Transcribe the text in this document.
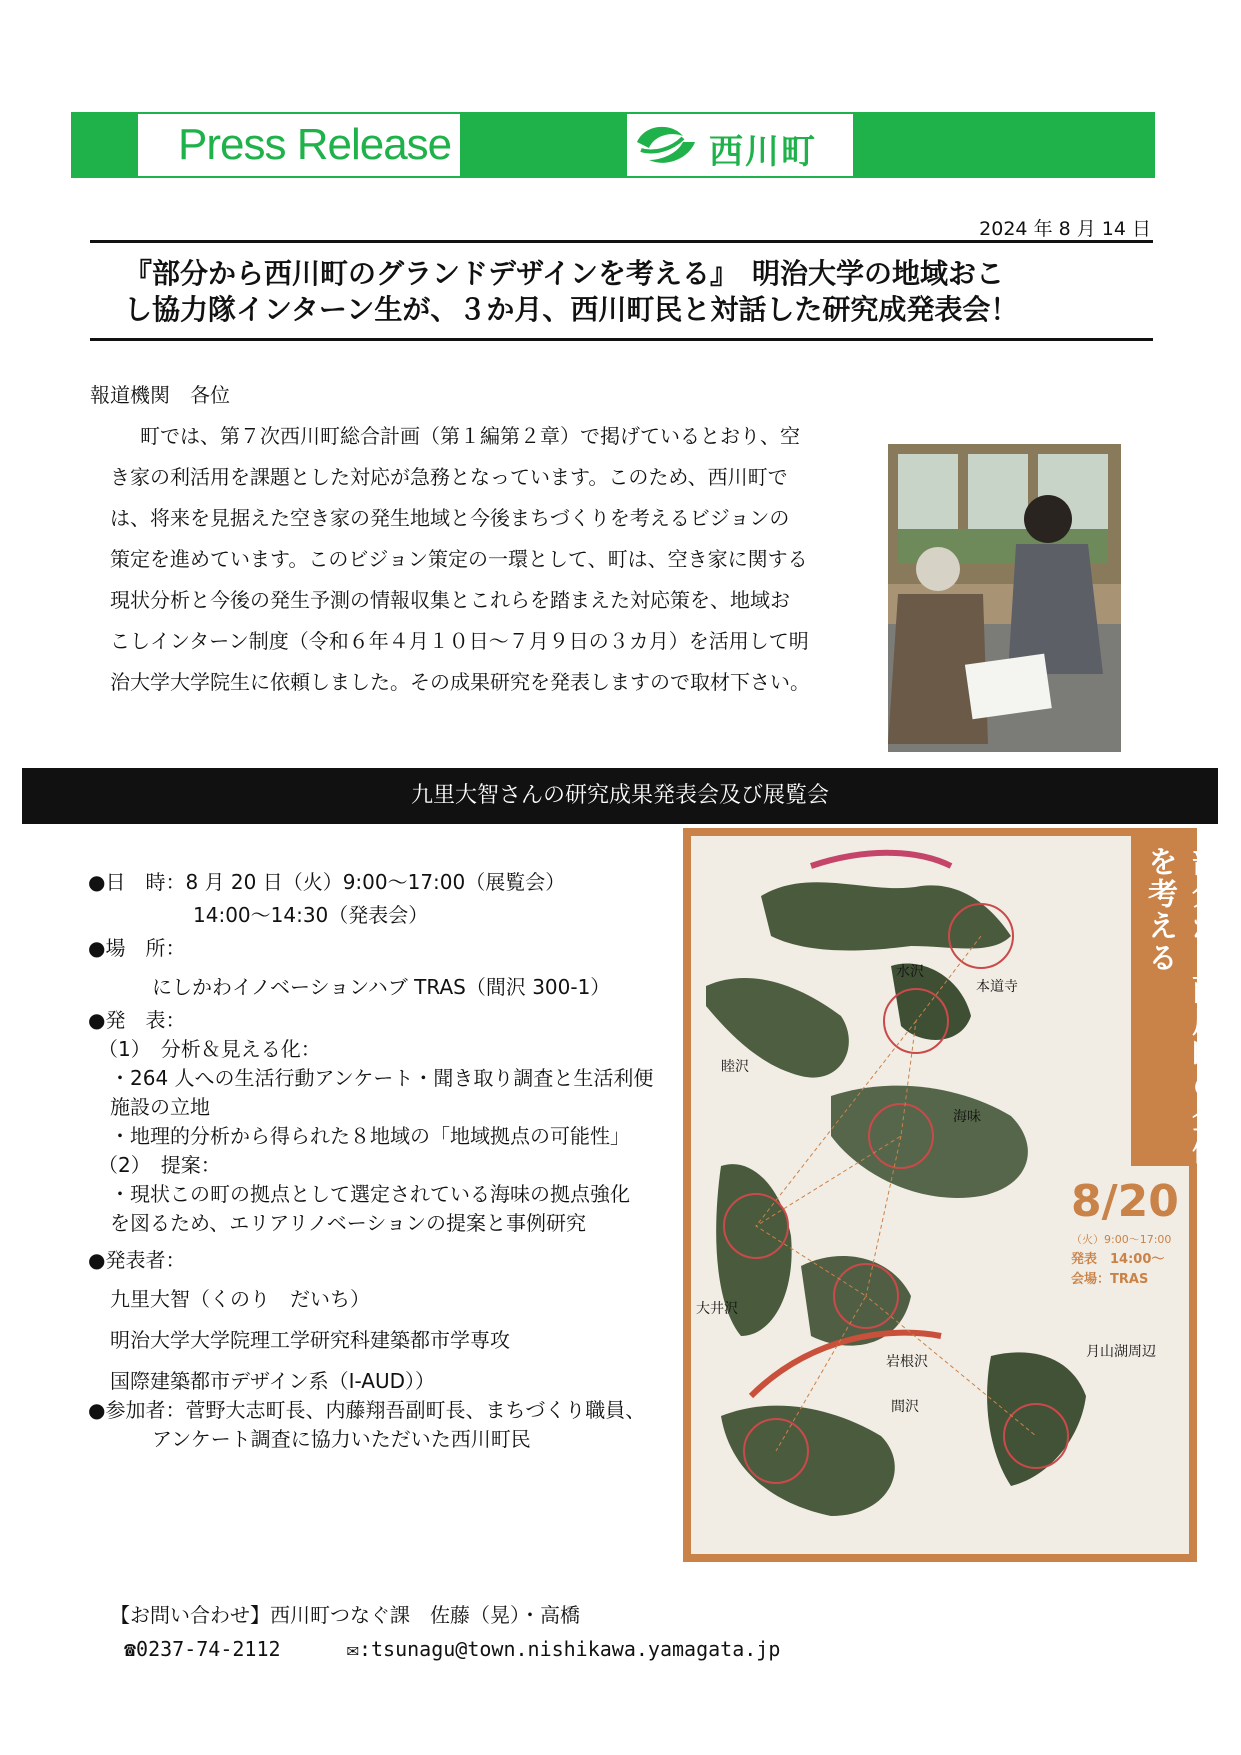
Press Release	西川町
2024 年 8 月 14 日
『部分から西川町のグランドデザインを考える』　明治大学の地域おこ
し協力隊インターン生が、３か月、西川町民と対話した研究成発表会！
報道機関　各位
町では、第７次西川町総合計画（第１編第２章）で掲げているとおり、空
き家の利活用を課題とした対応が急務となっています。このため、西川町で
は、将来を見据えた空き家の発生地域と今後まちづくりを考えるビジョンの
策定を進めています。このビジョン策定の一環として、町は、空き家に関する
現状分析と今後の発生予測の情報収集とこれらを踏まえた対応策を、地域お
こしインターン制度（令和６年４月１０日～７月９日の３カ月）を活用して明
治大学大学院生に依頼しました。その成果研究を発表しますので取材下さい。
九里大智さんの研究成果発表会及び展覧会
●日　時：8 月 20 日（火）9:00～17:00（展覧会）
14:00～14:30（発表会）
●場　所：
にしかわイノベーションハブ TRAS（間沢 300-1）
●発　表：
（1）　分析＆見える化：
・264 人への生活行動アンケート・聞き取り調査と生活利便
施設の立地
・地理的分析から得られた８地域の「地域拠点の可能性」
（2）　提案：
・現状この町の拠点として選定されている海味の拠点強化
を図るため、エリアリノベーションの提案と事例研究
●発表者：
九里大智（くのり　だいち）
明治大学大学院理工学研究科建築都市学専攻
国際建築都市デザイン系（I-AUD））
●参加者：菅野大志町長、内藤翔吾副町長、まちづくり職員、
アンケート調査に協力いただいた西川町民
部分から西川町の全体を考える
8/20
（火）9:00〜17:00
発表　14:00〜
会場：TRAS
本道寺
水沢
睦沢
海味
大井沢
岩根沢
間沢
月山湖周辺
【お問い合わせ】西川町つなぐ課　佐藤（晃）・高橋
☎0237-74-2112	✉:tsunagu@town.nishikawa.yamagata.jp
